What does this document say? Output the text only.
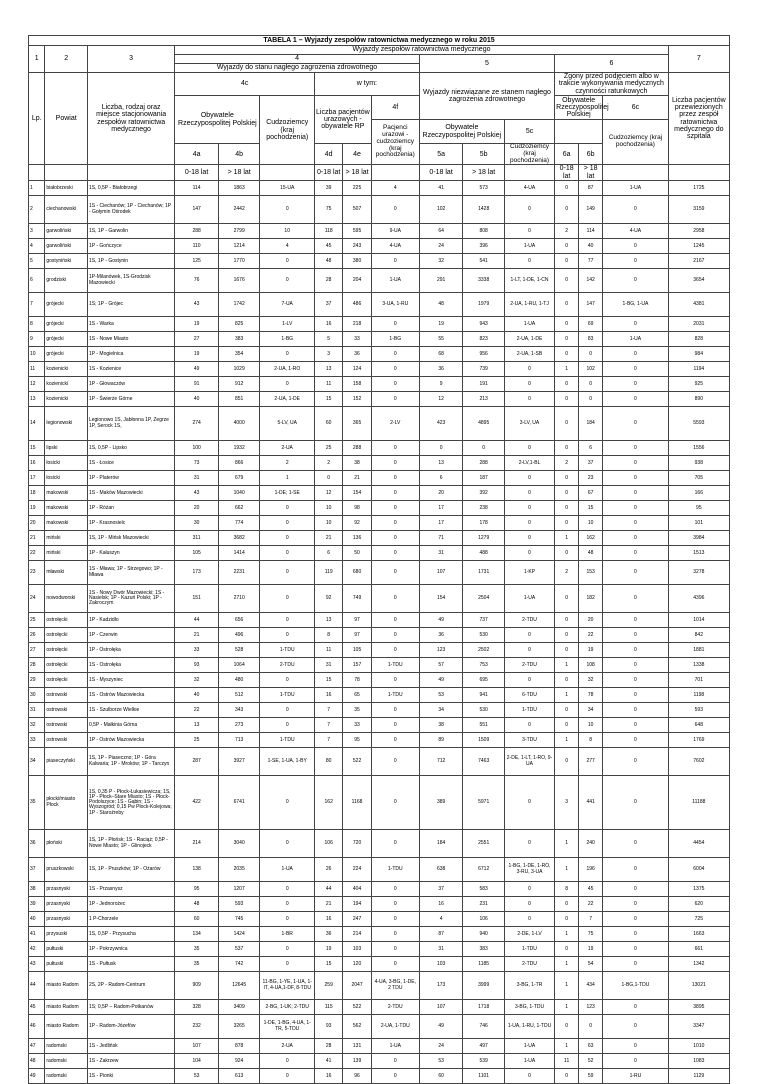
TABELA 1 – Wyjazdy zespołów ratownictwa medycznego w roku 2015															
1	2	3	Wyjazdy zespołów ratownictwa medycznego												7
			4						5			6			
			Wyjazdy do stanu nagłego zagrożenia zdrowotnego												
Lp.	Powiat	Liczba, rodzaj oraz miejsce stacjonowania zespołów ratownictwa medycznego	4c			w tym:			Wyjazdy niezwiązane ze stanem nagłego zagrożenia zdrowotnego			Zgony przed podjęciem albo w trakcie wykonywania medycznych czynności ratunkowych			Liczba pacjentów przewiezionych przez zespół ratownictwa medycznego do szpitala
			Obywatele Rzeczypospolitej Polskiej		Cudzoziemcy (kraj pochodzenia)	Liczba pacjentów urazowych - obywatele RP		4f				Obywatele Rzeczypospolitej Polskiej		6c	
								Pacjenci urazowi - cudzoziemcy (kraj pochodzenia)	Obywatele Rzeczypospolitej Polskiej		5c			Cudzoziemcy (kraj pochodzenia)	
			4a	4b		4d	4e		5a	5b	Cudzoziemcy (kraj pochodzenia)	6a	6b		
			0-18 lat	> 18 lat		0-18 lat	> 18 lat		0-18 lat	> 18 lat		0-18 lat	> 18 lat		
1	białobrzeski	1S, 0,5P - Białobrzegi	114	1863	15-UA	39	225	4	41	573	4-UA	0	87	1-UA	1725
2	ciechanowski	1S - Ciechanów; 1P - Ciechanów; 1P - Gołymin Ośrodek	147	2442	0	75	507	0	102	1428	0	0	149	0	3159
3	garwoliński	1S, 1P - Garwolin	288	2799	10	118	595	9-UA	64	808	0	2	114	4-UA	2958
4	garwoliński	1P - Gończyce	110	1214	4	45	243	4-UA	24	396	1-UA	0	40	0	1245
5	gostyniński	1S, 1P - Gostynin	125	1770	0	48	380	0	32	541	0	0	77	0	2167
6	grodziski	1P-Milanówek, 1S-Grodzisk Mazowiecki	76	1676	0	28	204	1-UA	291	3338	1-LT, 1-DE, 1-CN	0	142	0	3654
7	grójecki	1S; 1P - Grójec	43	1742	7-UA	37	486	3-UA, 1-RU	48	1979	2-UA, 1-RU, 1-TJ	0	147	1-BG, 1-UA	4381
8	grójecki	1S - Warka	19	825	1-LV	16	218	0	19	943	1-UA	0	69	0	2031
9	grójecki	1S - Nowe Miasto	27	383	1-BG	5	33	1-BG	55	823	2-UA, 1-DE	0	83	1-UA	828
10	grójecki	1P - Mogielnica	19	354	0	3	36	0	68	956	2-UA, 1-SB	0	0	0	984
11	kozienicki	1S - Kozienice	49	1029	2-UA, 1-RO	13	124	0	36	739	0	1	102	0	1194
12	kozienicki	1P - Głowaczów	91	912	0	11	158	0	9	191	0	0	0	0	925
13	kozienicki	1P - Świerże Górne	40	851	2-UA, 1-DE	15	152	0	12	213	0	0	0	0	890
14	legionowski	Legionowo 1S, Jabłonna 1P, Zegrze 1P, Serock 1S,	274	4000	5-LV, UA	60	365	2-LV	423	4895	3-LV, UA	0	184	0	5593
15	lipski	1S, 0,5P - Lipsko	100	1932	2-UA	25	288	0	0	0	0	0	6	0	1556
16	łosicki	1S - Łosice	73	866	2	2	38	0	13	288	2-LV,1-BL	2	37	0	938
17	łosicki	1P - Platerów	31	679	1	0	21	0	6	187	0	0	23	0	705
18	makowski	1S - Maków Mazowiecki	43	1040	1-DE; 1-SE	12	154	0	20	392	0	0	67	0	166
19	makowski	1P - Różan	20	662	0	10	98	0	17	238	0	0	15	0	95
20	makowski	1P - Krasnosielc	30	774	0	10	92	0	17	178	0	0	10	0	101
21	miński	1S, 1P - Mińsk Mazowiecki	311	3682	0	21	136	0	71	1279	0	1	162	0	3984
22	miński	1P - Kałuszyn	105	1414	0	6	50	0	31	488	0	0	48	0	1513
23	mławski	1S - Mława; 1P - Strzegowo; 1P - Mława	173	2231	0	119	680	0	107	1731	1-KP	2	153	0	3278
24	nowodworski	1S - Nowy Dwór Mazowiecki; 1S - Nasielsk; 1P - Kazuń Polski; 1P - Zakroczym	151	2710	0	92	749	0	154	2504	1-UA	0	182	0	4396
25	ostrołęcki	1P - Kadzidło	44	656	0	13	97	0	49	737	2-TDU	0	20	0	1014
26	ostrołęcki	1P - Czerwin	21	496	0	8	97	0	36	530	0	0	22	0	842
27	ostrołęcki	1P - Ostrołęka	33	528	1-TDU	11	105	0	123	2502	0	0	19	0	1881
28	ostrołęcki	1S - Ostrołęka	93	1064	2-TDU	31	157	1-TDU	57	753	2-TDU	1	108	0	1338
29	ostrołęcki	1S - Myszyniec	32	480	0	15	78	0	49	695	0	0	32	0	701
30	ostrowski	1S - Ostrów Mazowiecka	40	512	1-TDU	16	65	1-TDU	53	941	6-TDU	1	78	0	1198
31	ostrowski	1S - Szulborze Wielkie	22	343	0	7	35	0	34	530	1-TDU	0	34	0	593
32	ostrowski	0,5P - Małkinia Górna	13	273	0	7	33	0	38	551	0	0	10	0	648
33	ostrowski	1P - Ostrów Mazowiecka	25	713	1-TDU	7	95	0	89	1509	3-TDU	1	8	0	1769
34	piaseczyński	1S, 1P - Piaseczno; 1P - Góra Kalwaria; 1P - Mroków; 1P - Tarczyn	287	3927	1-SE, 1-UA, 1-BY	80	522	0	712	7463	2-DE, 1-LT, 1-RO, 9-UA	0	277	0	7602
35	płocki/miasto Płock	1S, 0,35 P - Płock-Łukasiewicza; 1S, 1P - Płock–Stare Miasto; 1S - Płock-Podolszyce; 1S - Gąbin; 1S - Wyszogród; 0,15 Pw Płock-Kolejowa; 1P - Staroźreby	422	6741	0	162	1168	0	389	5971	0	3	441	0	11188
36	płoński	1S, 1P - Płońsk; 1S - Raciąż; 0,5P - Nowe Miasto; 1P - Glinojeck	214	3040	0	106	720	0	184	2551	0	1	240	0	4454
37	pruszkowski	1S, 1P - Pruszków; 1P - Ożarów	138	2035	1-UA	26	224	1-TDU	638	6712	1-BG, 1-DE, 1-RO, 3-RU, 3-UA	1	196	0	6004
38	przasnyski	1S - Przasnysz	95	1207	0	44	404	0	37	583	0	8	45	0	1375
39	przasnyski	1P - Jednorożec	48	593	0	21	194	0	16	231	0	0	22	0	620
40	przasnyski	1 P-Chorzele	60	745	0	16	247	0	4	106	0	0	7	0	725
41	przysuski	1S, 0,5P - Przysucha	134	1424	1-BR	36	214	0	87	940	2-DE, 1-LV	1	75	0	1663
42	pułtuski	1P - Pokrzywnica	35	537	0	19	103	0	31	383	1-TDU	0	19	0	661
43	pułtuski	1S - Pułtusk	35	742	0	15	120	0	103	1185	2-TDU	1	54	0	1342
44	miasto Radom	2S, 2P - Radom-Centrum	909	12645	11-BG, 1-YE, 1-UA, 1-IT, 4-UA,1-DF, 8-TDU	259	2047	4-UA, 3-BG, 1-DE, 2 TDU	173	3999	3-BG, 1-TR	1	434	1-BG,1-TDU	13021
45	miasto Radom	1S; 0,5P – Radom-Potkanów	328	3409	2-BG, 1-UK; 2-TDU	115	522	2-TDU	107	1718	3-BG, 1-TDU	1	123	0	3895
46	miasto Radom	1P - Radom-Józefów	232	3265	1-DE, 1-BG, 4-UA, 1-TR, 5-TDU	93	562	2-UA, 1-TDU	49	746	1-UA, 1-RU, 1-TDU	0	0	0	3347
47	radomski	1S - Jedlińsk	107	878	2-UA	28	131	1-UA	24	497	1-UA	1	63	0	1010
48	radomski	1S - Zakrzew	104	924	0	41	139	0	53	539	1-UA	11	52	0	1083
49	radomski	1S - Pionki	53	613	0	16	96	0	60	1101	0	0	59	1-RU	1129
